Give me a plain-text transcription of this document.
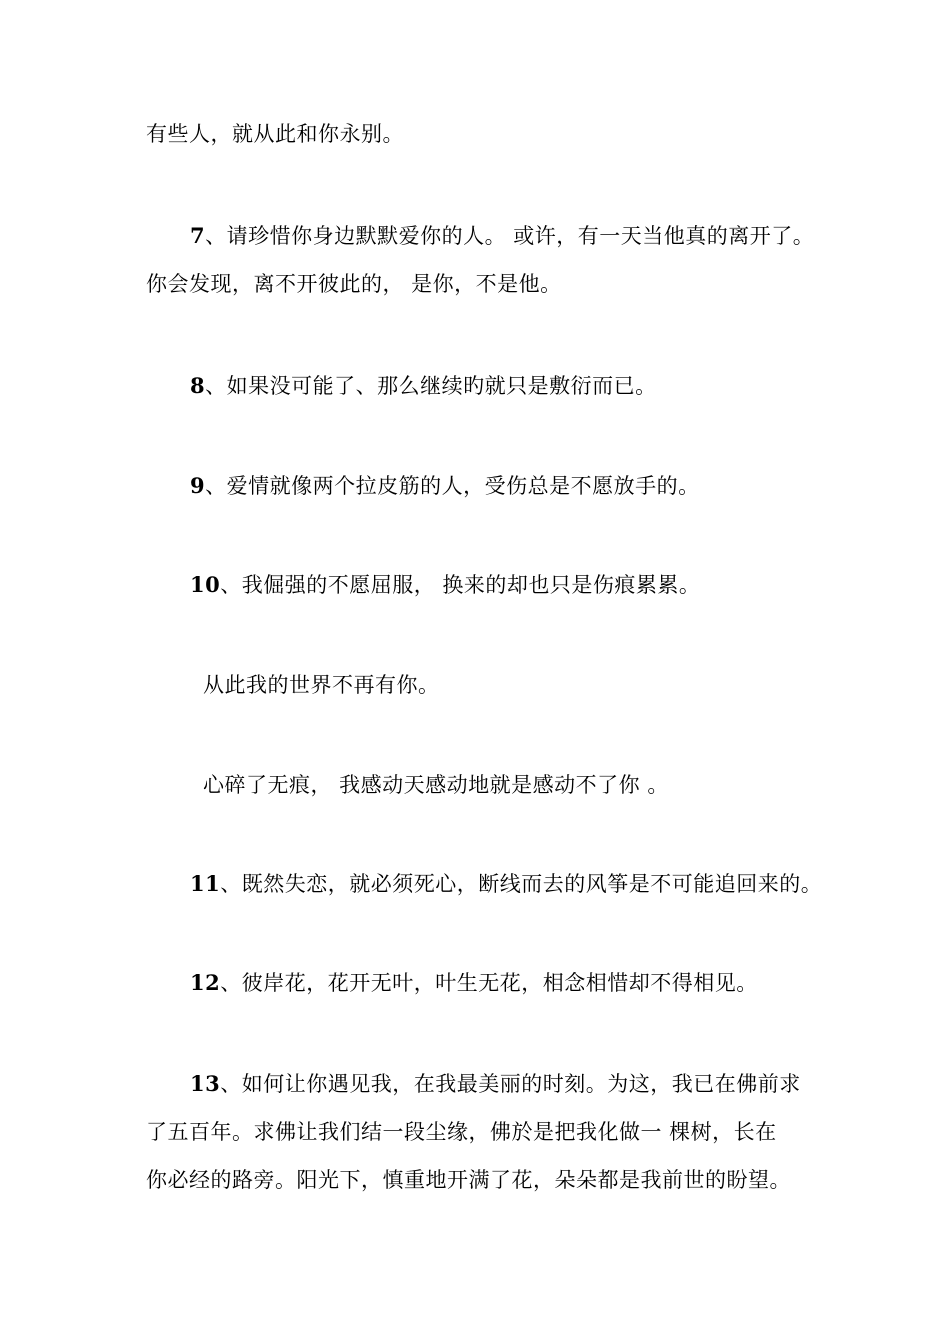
有些人，就从此和你永别。
7、请珍惜你身边默默爱你的人。 或许，有一天当他真的离开了。
你会发现，离不开彼此的， 是你，不是他。
8、如果没可能了、那么继续旳就只是敷衍而已。
9、爱情就像两个拉皮筋的人，受伤总是不愿放手的。
10、我倔强的不愿屈服， 换来的却也只是伤痕累累。
从此我的世界不再有你。
心碎了无痕， 我感动天感动地就是感动不了你 。
11、既然失恋，就必须死心，断线而去的风筝是不可能追回来的。
12、彼岸花，花开无叶，叶生无花，相念相惜却不得相见。
13、如何让你遇见我，在我最美丽的时刻。为这，我已在佛前求
了五百年。求佛让我们结一段尘缘，佛於是把我化做一 棵树，长在
你必经的路旁。阳光下，慎重地开满了花，朵朵都是我前世的盼望。
